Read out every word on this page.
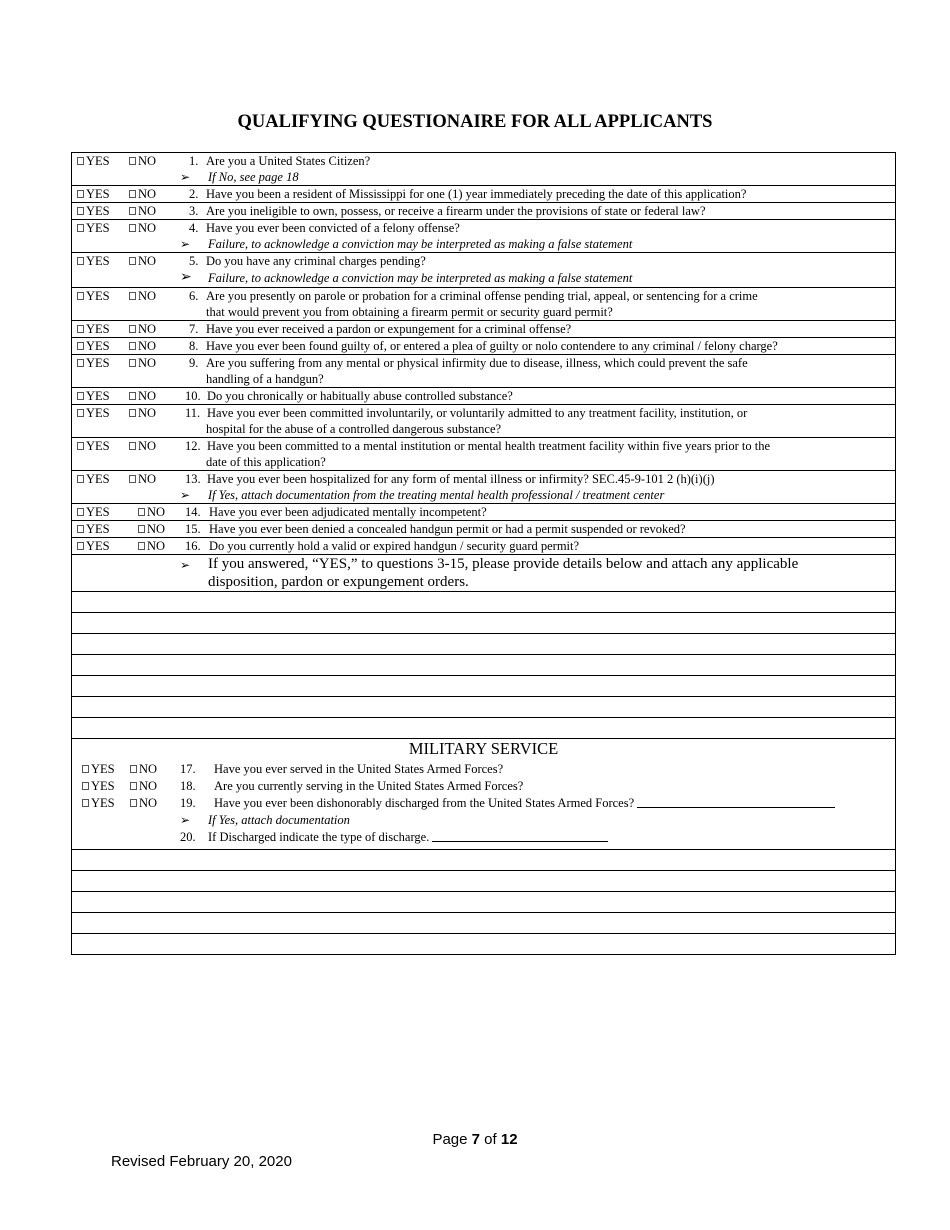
QUALIFYING QUESTIONAIRE FOR ALL APPLICANTS
YES	NO	1. Are you a United States Citizen?
➢ If No, see page 18
YES	NO	2. Have you been a resident of Mississippi for one (1) year immediately preceding the date of this application?
YES	NO	3. Are you ineligible to own, possess, or receive a firearm under the provisions of state or federal law?
YES	NO	4. Have you ever been convicted of a felony offense?
➢ Failure, to acknowledge a conviction may be interpreted as making a false statement
YES	NO	5. Do you have any criminal charges pending?
➢ Failure, to acknowledge a conviction may be interpreted as making a false statement
YES	NO	6. Are you presently on parole or probation for a criminal offense pending trial, appeal, or sentencing for a crime
that would prevent you from obtaining a firearm permit or security guard permit?
YES	NO	7. Have you ever received a pardon or expungement for a criminal offense?
YES	NO	8. Have you ever been found guilty of, or entered a plea of guilty or nolo contendere to any criminal / felony charge?
YES	NO	9. Are you suffering from any mental or physical infirmity due to disease, illness, which could prevent the safe
handling of a handgun?
YES	NO 10. Do you chronically or habitually abuse controlled substance?
YES	NO 11. Have you ever been committed involuntarily, or voluntarily admitted to any treatment facility, institution, or
hospital for the abuse of a controlled dangerous substance?
YES	NO 12. Have you been committed to a mental institution or mental health treatment facility within five years prior to the
date of this application?
YES	NO 13. Have you ever been hospitalized for any form of mental illness or infirmity? SEC.45-9-101 2 (h)(i)(j)
➢ If Yes, attach documentation from the treating mental health professional / treatment center
YES	NO 14. Have you ever been adjudicated mentally incompetent?
YES	NO 15. Have you ever been denied a concealed handgun permit or had a permit suspended or revoked?
YES	NO 16. Do you currently hold a valid or expired handgun / security guard permit?
➢ If you answered, “YES,” to questions 3-15, please provide details below and attach any applicable
disposition, pardon or expungement orders.
MILITARY SERVICE
YES	NO 17. Have you ever served in the United States Armed Forces?
YES	NO 18. Are you currently serving in the United States Armed Forces?
YES	NO 19. Have you ever been dishonorably discharged from the United States Armed Forces?
➢ If Yes, attach documentation
20. If Discharged indicate the type of discharge.
Page 7 of 12
Revised February 20, 2020
